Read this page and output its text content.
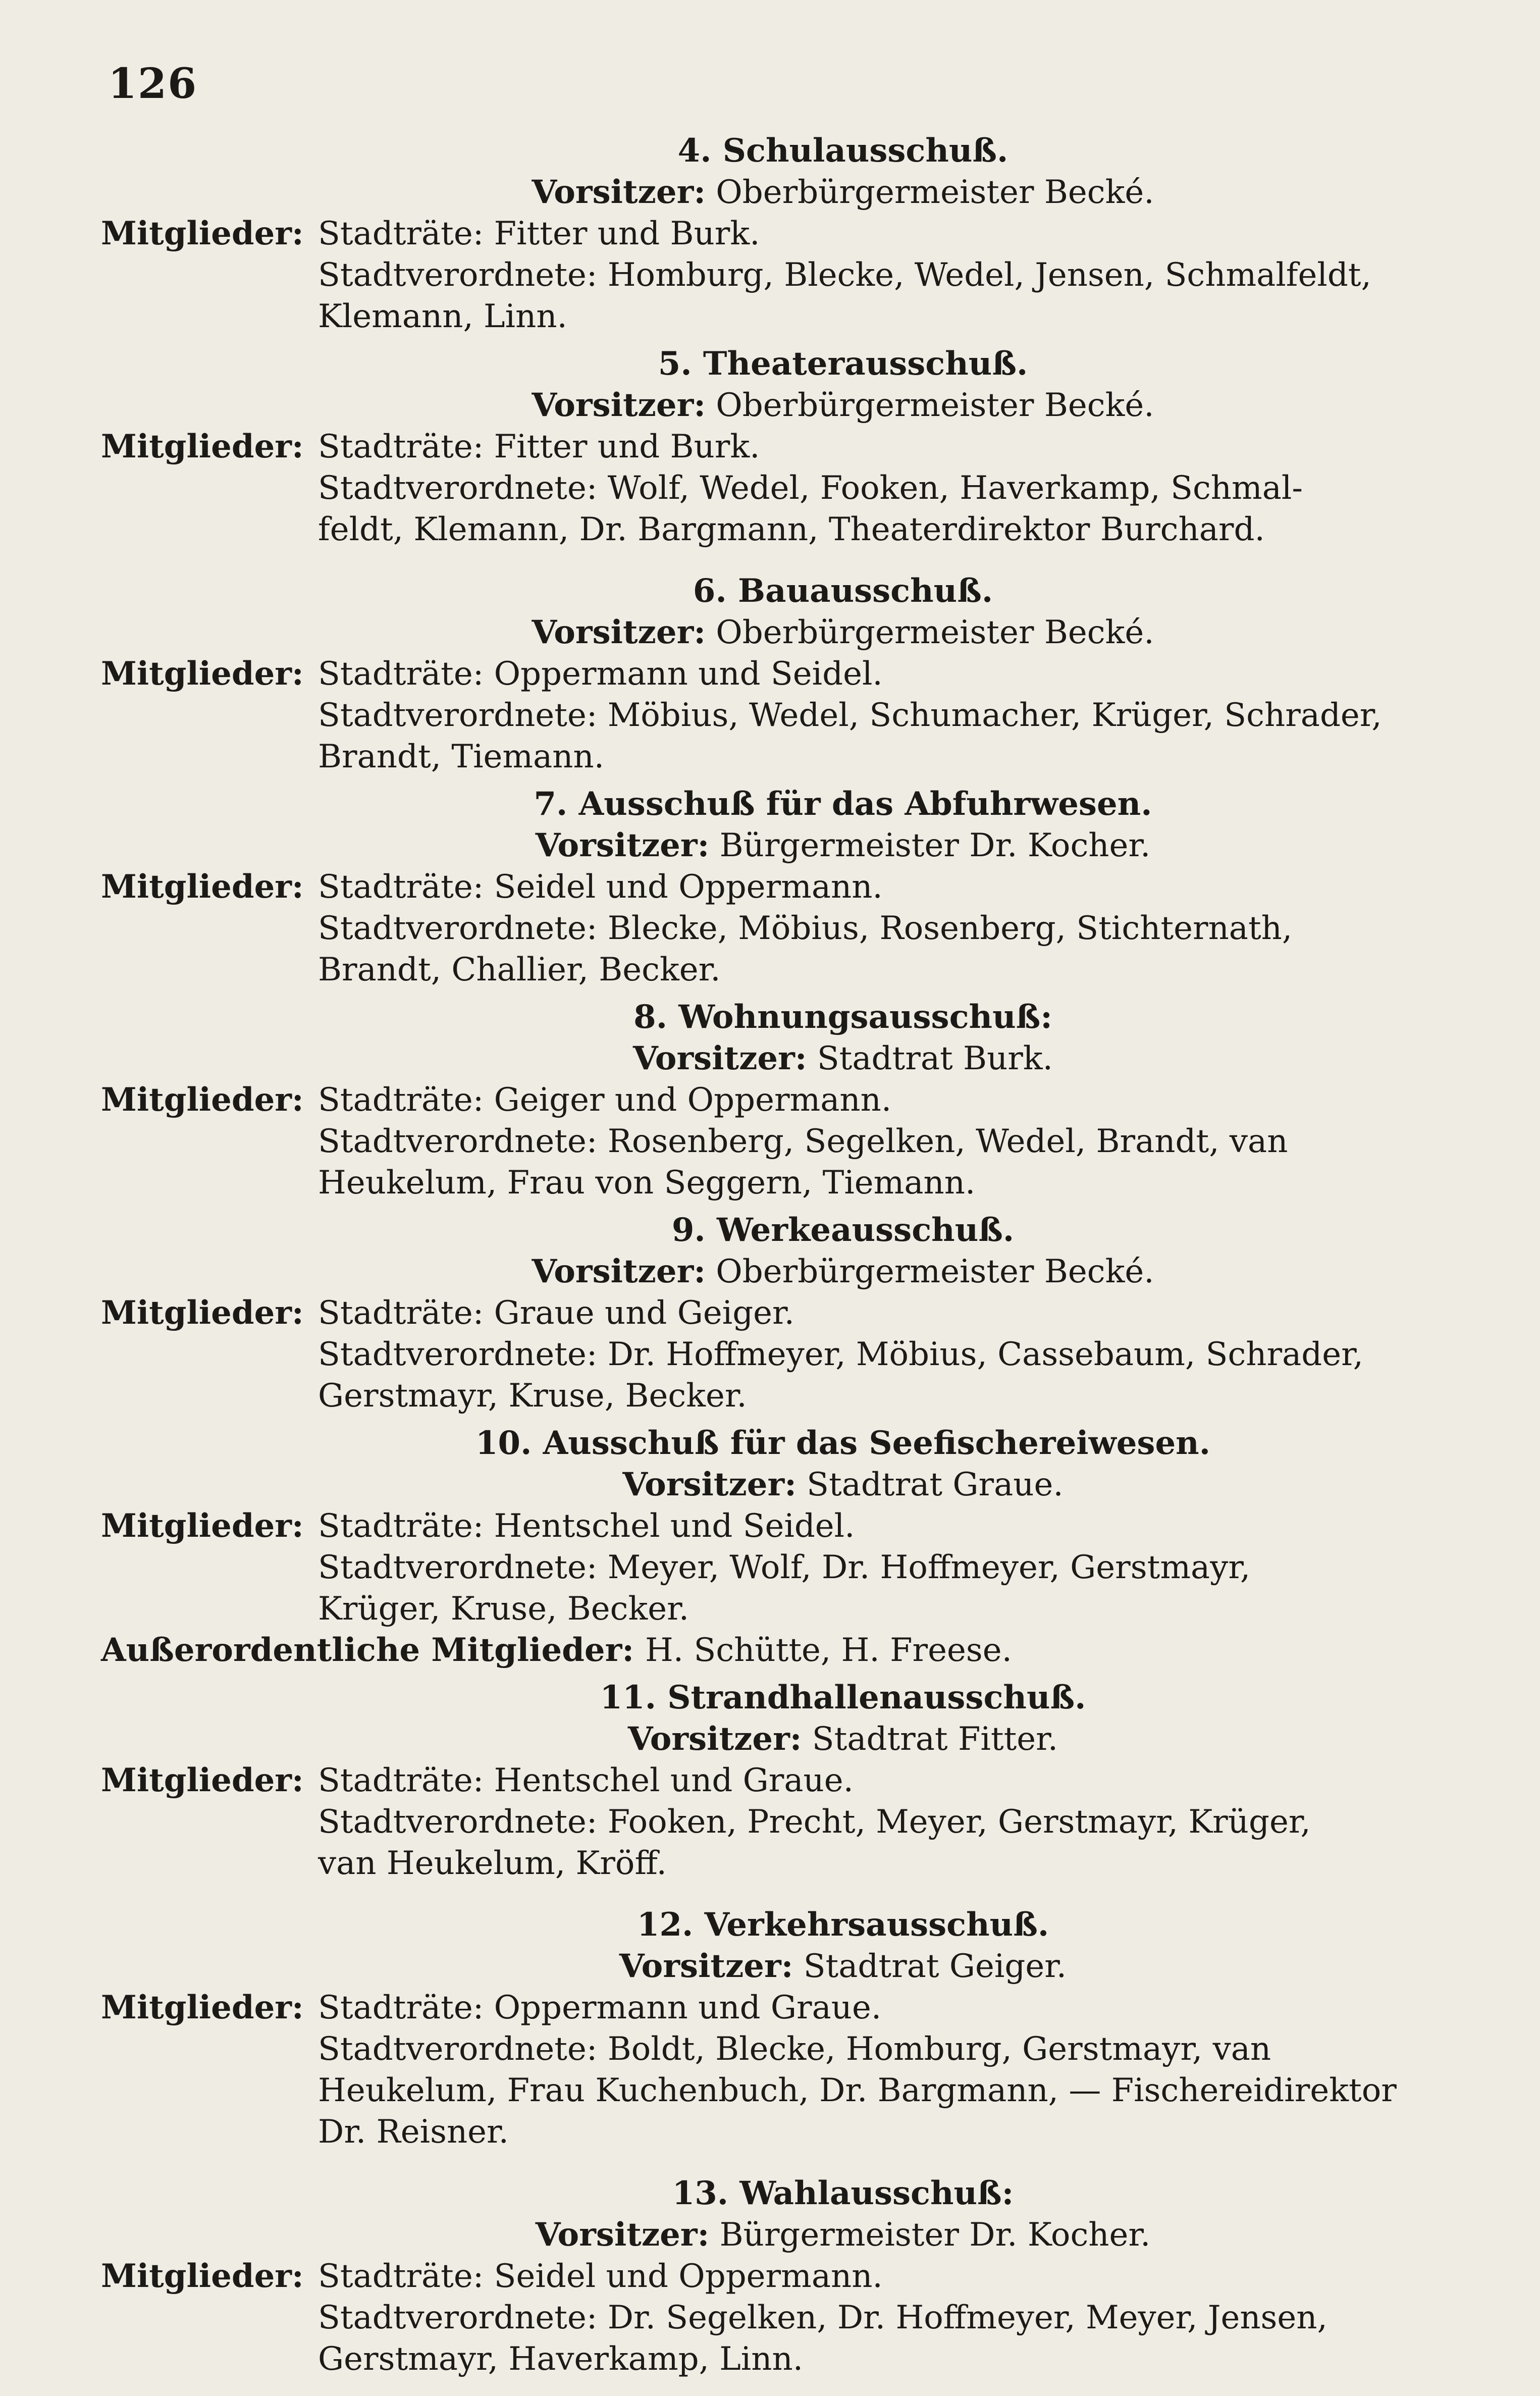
126
4. Schulausschuß.
Vorsitzer: Oberbürgermeister Becké.
Mitglieder: Stadträte: Fitter und Burk.
Stadtverordnete: Homburg, Blecke, Wedel, Jensen, Schmalfeldt,
Klemann, Linn.
5. Theaterausschuß.
Vorsitzer: Oberbürgermeister Becké.
Mitglieder: Stadträte: Fitter und Burk.
Stadtverordnete: Wolf, Wedel, Fooken, Haverkamp, Schmal-
feldt, Klemann, Dr. Bargmann, Theaterdirektor Burchard.
6. Bauausschuß.
Vorsitzer: Oberbürgermeister Becké.
Mitglieder: Stadträte: Oppermann und Seidel.
Stadtverordnete: Möbius, Wedel, Schumacher, Krüger, Schrader,
Brandt, Tiemann.
7. Ausschuß für das Abfuhrwesen.
Vorsitzer: Bürgermeister Dr. Kocher.
Mitglieder: Stadträte: Seidel und Oppermann.
Stadtverordnete: Blecke, Möbius, Rosenberg, Stichternath,
Brandt, Challier, Becker.
8. Wohnungsausschuß:
Vorsitzer: Stadtrat Burk.
Mitglieder: Stadträte: Geiger und Oppermann.
Stadtverordnete: Rosenberg, Segelken, Wedel, Brandt, van
Heukelum, Frau von Seggern, Tiemann.
9. Werkeausschuß.
Vorsitzer: Oberbürgermeister Becké.
Mitglieder: Stadträte: Graue und Geiger.
Stadtverordnete: Dr. Hoffmeyer, Möbius, Cassebaum, Schrader,
Gerstmayr, Kruse, Becker.
10. Ausschuß für das Seefischereiwesen.
Vorsitzer: Stadtrat Graue.
Mitglieder: Stadträte: Hentschel und Seidel.
Stadtverordnete: Meyer, Wolf, Dr. Hoffmeyer, Gerstmayr,
Krüger, Kruse, Becker.
Außerordentliche Mitglieder: H. Schütte, H. Freese.
11. Strandhallenausschuß.
Vorsitzer: Stadtrat Fitter.
Mitglieder: Stadträte: Hentschel und Graue.
Stadtverordnete: Fooken, Precht, Meyer, Gerstmayr, Krüger,
van Heukelum, Kröff.
12. Verkehrsausschuß.
Vorsitzer: Stadtrat Geiger.
Mitglieder: Stadträte: Oppermann und Graue.
Stadtverordnete: Boldt, Blecke, Homburg, Gerstmayr, van
Heukelum, Frau Kuchenbuch, Dr. Bargmann, — Fischereidirektor
Dr. Reisner.
13. Wahlausschuß:
Vorsitzer: Bürgermeister Dr. Kocher.
Mitglieder: Stadträte: Seidel und Oppermann.
Stadtverordnete: Dr. Segelken, Dr. Hoffmeyer, Meyer, Jensen,
Gerstmayr, Haverkamp, Linn.
